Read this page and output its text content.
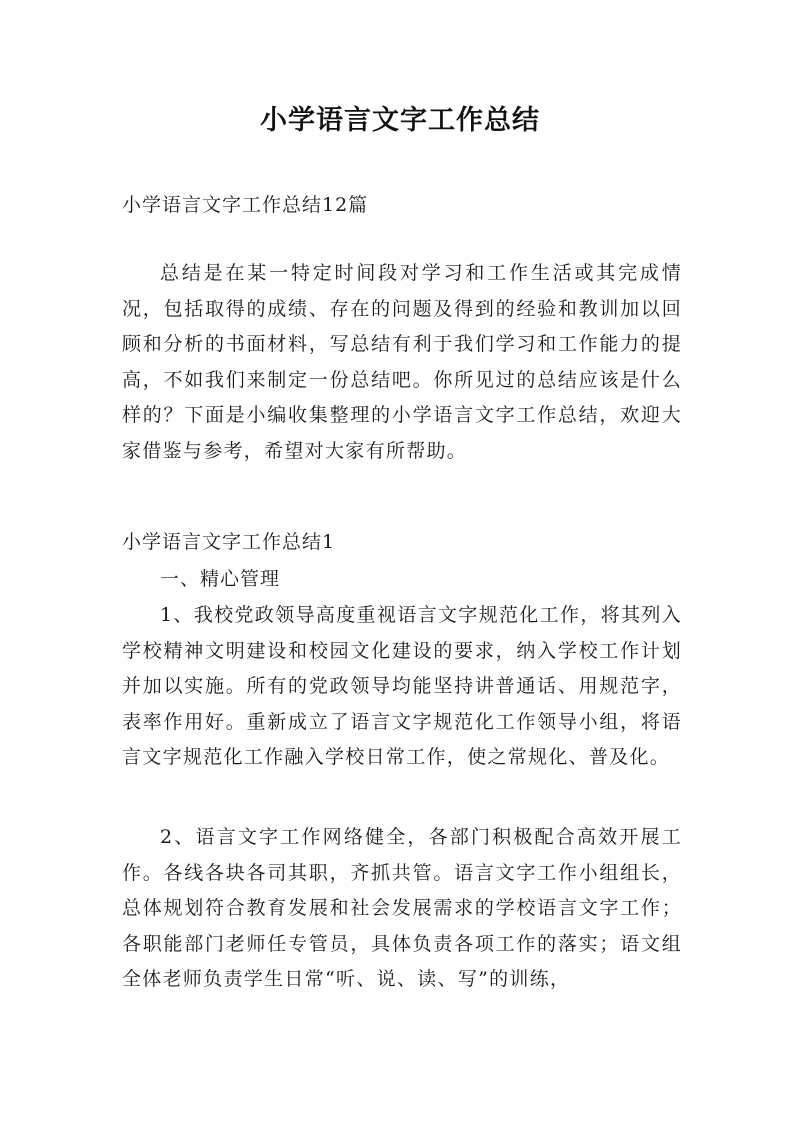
小学语言文字工作总结
小学语言文字工作总结12篇

总结是在某一特定时间段对学习和工作生活或其完成情况，包括取得的成绩、存在的问题及得到的经验和教训加以回顾和分析的书面材料，写总结有利于我们学习和工作能力的提高，不如我们来制定一份总结吧。你所见过的总结应该是什么样的？下面是小编收集整理的小学语言文字工作总结，欢迎大家借鉴与参考，希望对大家有所帮助。

小学语言文字工作总结1
一、精心管理

1、我校党政领导高度重视语言文字规范化工作，将其列入学校精神文明建设和校园文化建设的要求，纳入学校工作计划并加以实施。所有的党政领导均能坚持讲普通话、用规范字，表率作用好。重新成立了语言文字规范化工作领导小组，将语言文字规范化工作融入学校日常工作，使之常规化、普及化。

2、语言文字工作网络健全，各部门积极配合高效开展工作。各线各块各司其职，齐抓共管。语言文字工作小组组长，总体规划符合教育发展和社会发展需求的学校语言文字工作；各职能部门老师任专管员，具体负责各项工作的落实；语文组全体老师负责学生日常“听、说、读、写”的训练，
